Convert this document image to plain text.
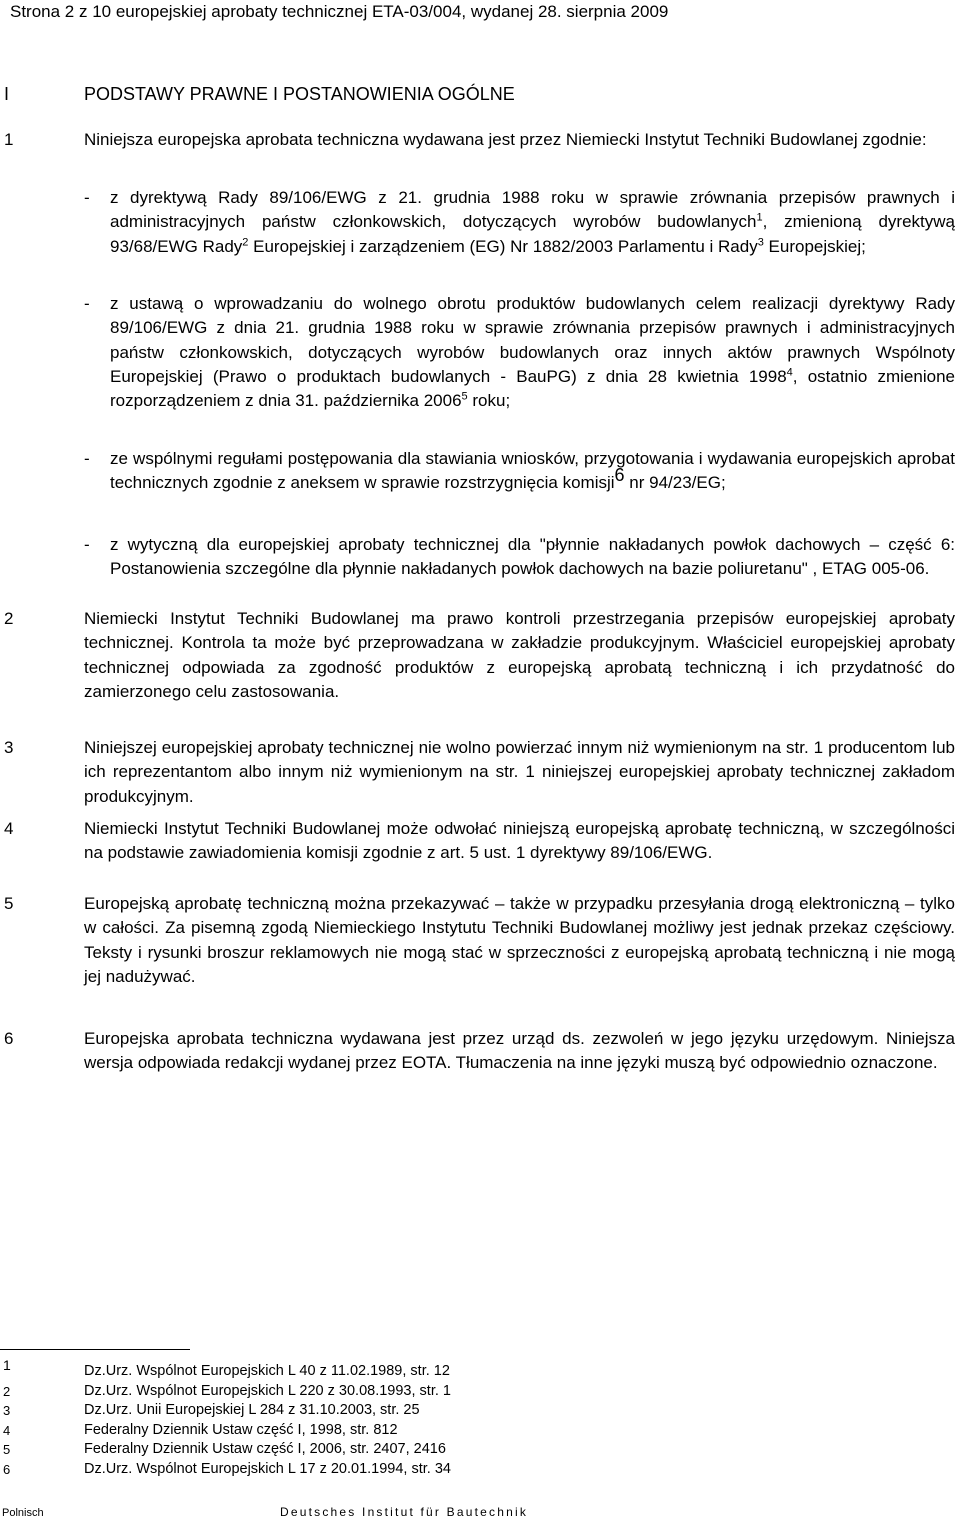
Strona 2 z 10 europejskiej aprobaty technicznej ETA-03/004, wydanej 28. sierpnia 2009
I	PODSTAWY PRAWNE I POSTANOWIENIA OGÓLNE
1	Niniejsza europejska aprobata techniczna wydawana jest przez Niemiecki Instytut Techniki Budowlanej zgodnie:
- z dyrektywą Rady 89/106/EWG z 21. grudnia 1988 roku w sprawie zrównania przepisów prawnych i administracyjnych państw członkowskich, dotyczących wyrobów budowlanych$^1$, zmienioną dyrektywą 93/68/EWG Rady$^2$ Europejskiej i zarządzeniem (EG) Nr 1882/2003 Parlamentu i Rady$^3$ Europejskiej;
- z ustawą o wprowadzaniu do wolnego obrotu produktów budowlanych celem realizacji dyrektywy Rady 89/106/EWG z dnia 21. grudnia 1988 roku w sprawie zrównania przepisów prawnych i administracyjnych państw członkowskich, dotyczących wyrobów budowlanych oraz innych aktów prawnych Wspólnoty Europejskiej (Prawo o produktach budowlanych - BauPG) z dnia 28 kwietnia 1998$^4$, ostatnio zmienione rozporządzeniem z dnia 31. października 2006$^5$ roku;
- ze wspólnymi regułami postępowania dla stawiania wniosków, przygotowania i wydawania europejskich aprobat technicznych zgodnie z aneksem w sprawie rozstrzygnięcia komisji6 nr 94/23/EG;
- z wytyczną dla europejskiej aprobaty technicznej dla "płynnie nakładanych powłok dachowych – część 6: Postanowienia szczególne dla płynnie nakładanych powłok dachowych na bazie poliuretanu" , ETAG 005-06.
2	Niemiecki Instytut Techniki Budowlanej ma prawo kontroli przestrzegania przepisów europejskiej aprobaty technicznej. Kontrola ta może być przeprowadzana w zakładzie produkcyjnym. Właściciel europejskiej aprobaty technicznej odpowiada za zgodność produktów z europejską aprobatą techniczną i ich przydatność do zamierzonego celu zastosowania.
3	Niniejszej europejskiej aprobaty technicznej nie wolno powierzać innym niż wymienionym na str. 1 producentom lub ich reprezentantom albo innym niż wymienionym na str. 1 niniejszej europejskiej aprobaty technicznej zakładom produkcyjnym.
4	Niemiecki Instytut Techniki Budowlanej może odwołać niniejszą europejską aprobatę techniczną, w szczególności na podstawie zawiadomienia komisji zgodnie z art. 5 ust. 1 dyrektywy 89/106/EWG.
5	Europejską aprobatę techniczną można przekazywać – także w przypadku przesyłania drogą elektroniczną – tylko w całości. Za pisemną zgodą Niemieckiego Instytutu Techniki Budowlanej możliwy jest jednak przekaz częściowy. Teksty i rysunki broszur reklamowych nie mogą stać w sprzeczności z europejską aprobatą techniczną i nie mogą jej nadużywać.
6	Europejska aprobata techniczna wydawana jest przez urząd ds. zezwoleń w jego języku urzędowym. Niniejsza wersja odpowiada redakcji wydanej przez EOTA. Tłumaczenia na inne języki muszą być odpowiednio oznaczone.
1	Dz.Urz. Wspólnot Europejskich L 40 z 11.02.1989, str. 12
2	Dz.Urz. Wspólnot Europejskich L 220 z 30.08.1993, str. 1
3	Dz.Urz. Unii Europejskiej L 284 z 31.10.2003, str. 25
4	Federalny Dziennik Ustaw część I, 1998, str. 812
5	Federalny Dziennik Ustaw część I, 2006, str. 2407, 2416
6	Dz.Urz. Wspólnot Europejskich L 17 z 20.01.1994, str. 34
Polnisch	Deutsches Institut für Bautechnik
